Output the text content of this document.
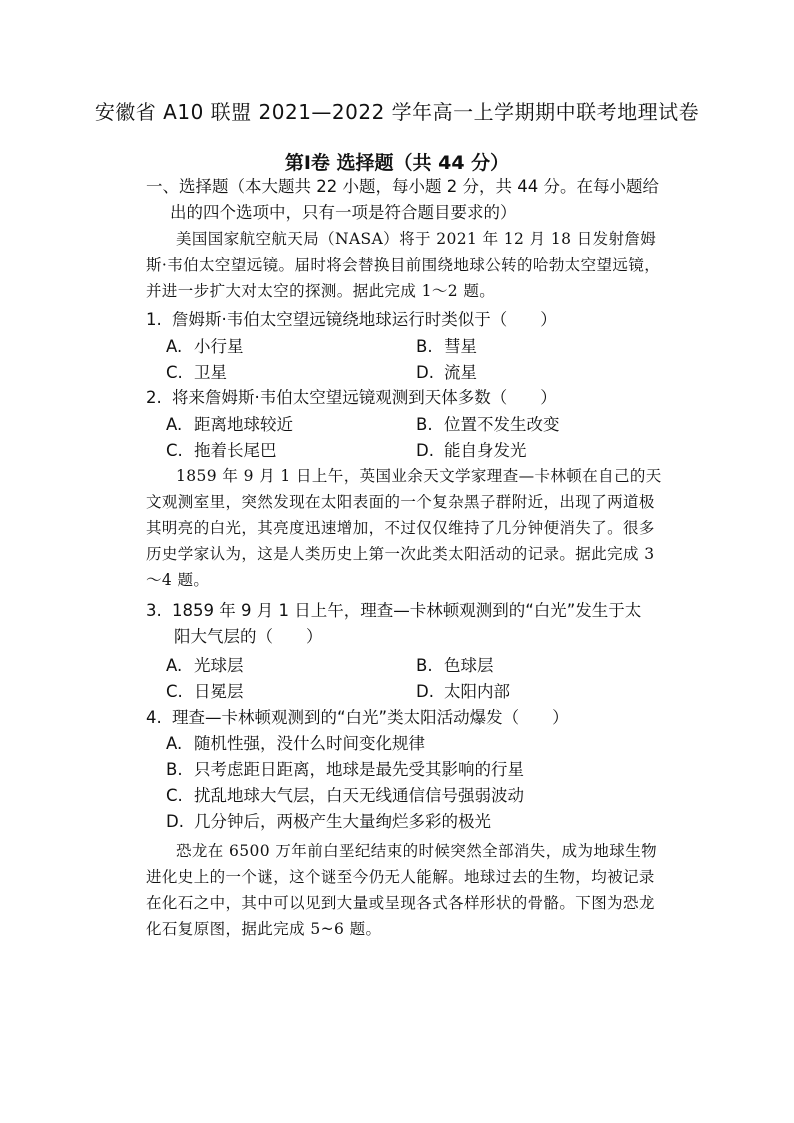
安徽省 A10 联盟 2021—2022 学年高一上学期期中联考地理试卷
第Ⅰ卷 选择题（共 44 分）
一、选择题（本大题共 22 小题，每小题 2 分，共 44 分。在每小题给
出的四个选项中，只有一项是符合题目要求的）
美国国家航空航天局（NASA）将于 2021 年 12 月 18 日发射詹姆斯·韦伯太空望远镜。届时将会替换目前围绕地球公转的哈勃太空望远镜，并进一步扩大对太空的探测。据此完成 1～2 题。
1. 詹姆斯·韦伯太空望远镜绕地球运行时类似于（　　）
A. 小行星	B. 彗星
C. 卫星	D. 流星
2. 将来詹姆斯·韦伯太空望远镜观测到天体多数（　　）
A. 距离地球较近	B. 位置不发生改变
C. 拖着长尾巴	D. 能自身发光
1859 年 9 月 1 日上午，英国业余天文学家理查—卡林顿在自己的天文观测室里，突然发现在太阳表面的一个复杂黑子群附近，出现了两道极其明亮的白光，其亮度迅速增加，不过仅仅维持了几分钟便消失了。很多历史学家认为，这是人类历史上第一次此类太阳活动的记录。据此完成 3～4 题。
3. 1859 年 9 月 1 日上午，理查—卡林顿观测到的“白光”发生于太
阳大气层的（　　）
A. 光球层	B. 色球层
C. 日冕层	D. 太阳内部
4. 理查—卡林顿观测到的“白光”类太阳活动爆发（　　）
A. 随机性强，没什么时间变化规律
B. 只考虑距日距离，地球是最先受其影响的行星
C. 扰乱地球大气层，白天无线通信信号强弱波动
D. 几分钟后，两极产生大量绚烂多彩的极光
恐龙在 6500 万年前白垩纪结束的时候突然全部消失，成为地球生物进化史上的一个谜，这个谜至今仍无人能解。地球过去的生物，均被记录在化石之中，其中可以见到大量或呈现各式各样形状的骨骼。下图为恐龙化石复原图，据此完成 5~6 题。
